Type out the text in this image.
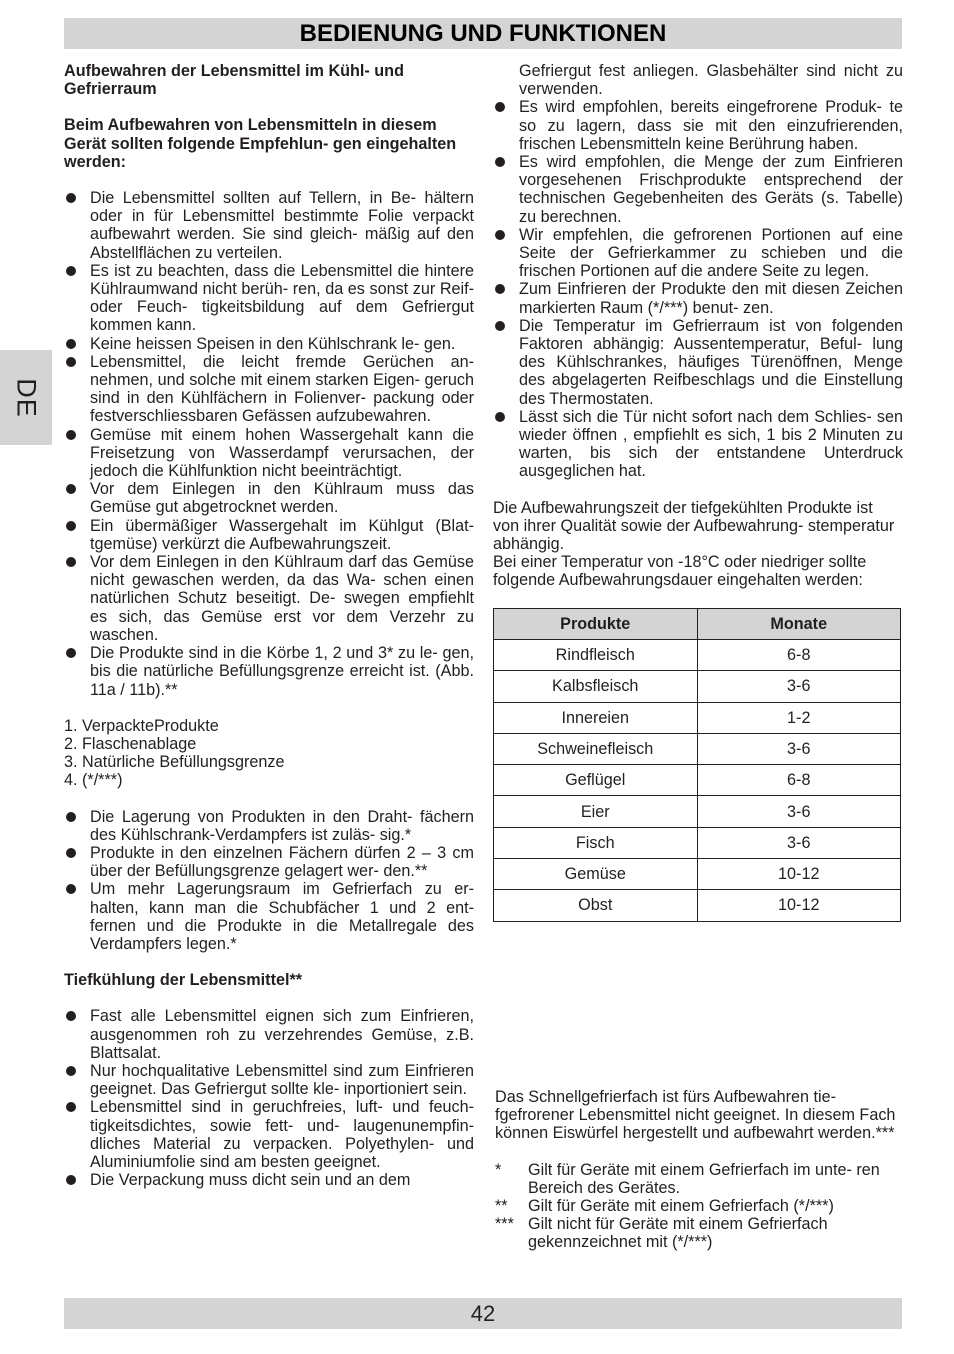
BEDIENUNG UND FUNKTIONEN
DE

Aufbewahren der Lebensmittel im Kühl- und Gefrierraum

Beim Aufbewahren von Lebensmitteln in diesem Gerät sollten folgende Empfehlun- gen eingehalten werden:

Die Lebensmittel sollten auf Tellern, in Be- hältern oder in für Lebensmittel bestimmte Folie verpackt aufbewahrt werden. Sie sind gleich- mäßig auf den Abstellflächen zu verteilen.
Es ist zu beachten, dass die Lebensmittel die hintere Kühlraumwand nicht berüh- ren, da es sonst zur Reif- oder Feuch- tigkeitsbildung auf dem Gefriergut kommen kann.
Keine heissen Speisen in den Kühlschrank le- gen.
Lebensmittel, die leicht fremde Gerüchen an- nehmen, und solche mit einem starken Eigen- geruch sind in den Kühlfächern in Folienver- packung oder festverschliessbaren Gefässen aufzubewahren.
Gemüse mit einem hohen Wassergehalt kann die Freisetzung von Wasserdampf verursachen, der jedoch die Kühlfunktion nicht beeinträchtigt.
Vor dem Einlegen in den Kühlraum muss das Gemüse gut abgetrocknet werden.
Ein übermäßiger Wassergehalt im Kühlgut (Blat- tgemüse) verkürzt die Aufbewahrungszeit.
Vor dem Einlegen in den Kühlraum darf das Gemüse nicht gewaschen werden, da das Wa- schen einen natürlichen Schutz beseitigt. De- swegen empfiehlt es sich, das Gemüse erst vor dem Verzehr zu waschen.
Die Produkte sind in die Körbe 1, 2 und 3* zu le- gen, bis die natürliche Befüllungsgrenze erreicht ist. (Abb. 11a / 11b).**

1. VerpackteProdukte

2. Flaschenablage

3. Natürliche Befüllungsgrenze

4. (*/***)

Die Lagerung von Produkten in den Draht- fächern des Kühlschrank-Verdampfers ist zuläs- sig.*
Produkte in den einzelnen Fächern dürfen 2 – 3 cm über der Befüllungsgrenze gelagert wer- den.**
Um mehr Lagerungsraum im Gefrierfach zu er- halten, kann man die Schubfächer 1 und 2 ent- fernen und die Produkte in die Metallregale des Verdampfers legen.*

Tiefkühlung der Lebensmittel**

Fast alle Lebensmittel eignen sich zum Einfrieren, ausgenommen roh zu verzehrendes Gemüse, z.B. Blattsalat.
Nur hochqualitative Lebensmittel sind zum Einfrieren geeignet. Das Gefriergut sollte kle- inportioniert sein.
Lebensmittel sind in geruchfreies, luft- und feuch- tigkeitsdichtes, sowie fett- und- laugenunempfin- dliches Material zu verpacken. Polyethylen- und Aluminiumfolie sind am besten geeignet.
Die Verpackung muss dicht sein und an dem

Gefriergut fest anliegen. Glasbehälter sind nicht zu verwenden.

Es wird empfohlen, bereits eingefrorene Produk- te so zu lagern, dass sie mit den einzufrierenden, frischen Lebensmitteln keine Berührung haben.
Es wird empfohlen, die Menge der zum Einfrieren vorgesehenen Frischprodukte entsprechend der technischen Gegebenheiten des Geräts (s. Tabelle) zu berechnen.
Wir empfehlen, die gefrorenen Portionen auf eine Seite der Gefrierkammer zu schieben und die frischen Portionen auf die andere Seite zu legen.
Zum Einfrieren der Produkte den mit diesen Zeichen markierten Raum (*/***) benut- zen.
Die Temperatur im Gefrierraum ist von folgenden Faktoren abhängig: Aussentemperatur, Beful- lung des Kühlschrankes, häufiges Türenöffnen, Menge des abgelagerten Reifbeschlags und die Einstellung des Thermostaten.
Lässt sich die Tür nicht sofort nach dem Schlies- sen wieder öffnen , empfiehlt es sich, 1 bis 2 Minuten zu warten, bis sich der entstandene Unterdruck ausgeglichen hat.

Die Aufbewahrungszeit der tiefgekühlten Produkte ist von ihrer Qualität sowie der Aufbewahrung- stemperatur abhängig.

Bei einer Temperatur von -18°C oder niedriger sollte folgende Aufbewahrungsdauer eingehalten werden:

Produkte	Monate
Rindfleisch	6-8
Kalbsfleisch	3-6
Innereien	1-2
Schweinefleisch	3-6
Geflügel	6-8
Eier	3-6
Fisch	3-6
Gemüse	10-12
Obst	10-12

Das Schnellgefrierfach ist fürs Aufbewahren tie- fgefrorener Lebensmittel nicht geeignet. In diesem Fach können Eiswürfel hergestellt und aufbewahrt werden.***

* Gilt für Geräte mit einem Gefrierfach im unte- ren Bereich des Gerätes.
** Gilt für Geräte mit einem Gefrierfach (*/***)
*** Gilt nicht für Geräte mit einem Gefrierfach gekennzeichnet mit (*/***)
42
